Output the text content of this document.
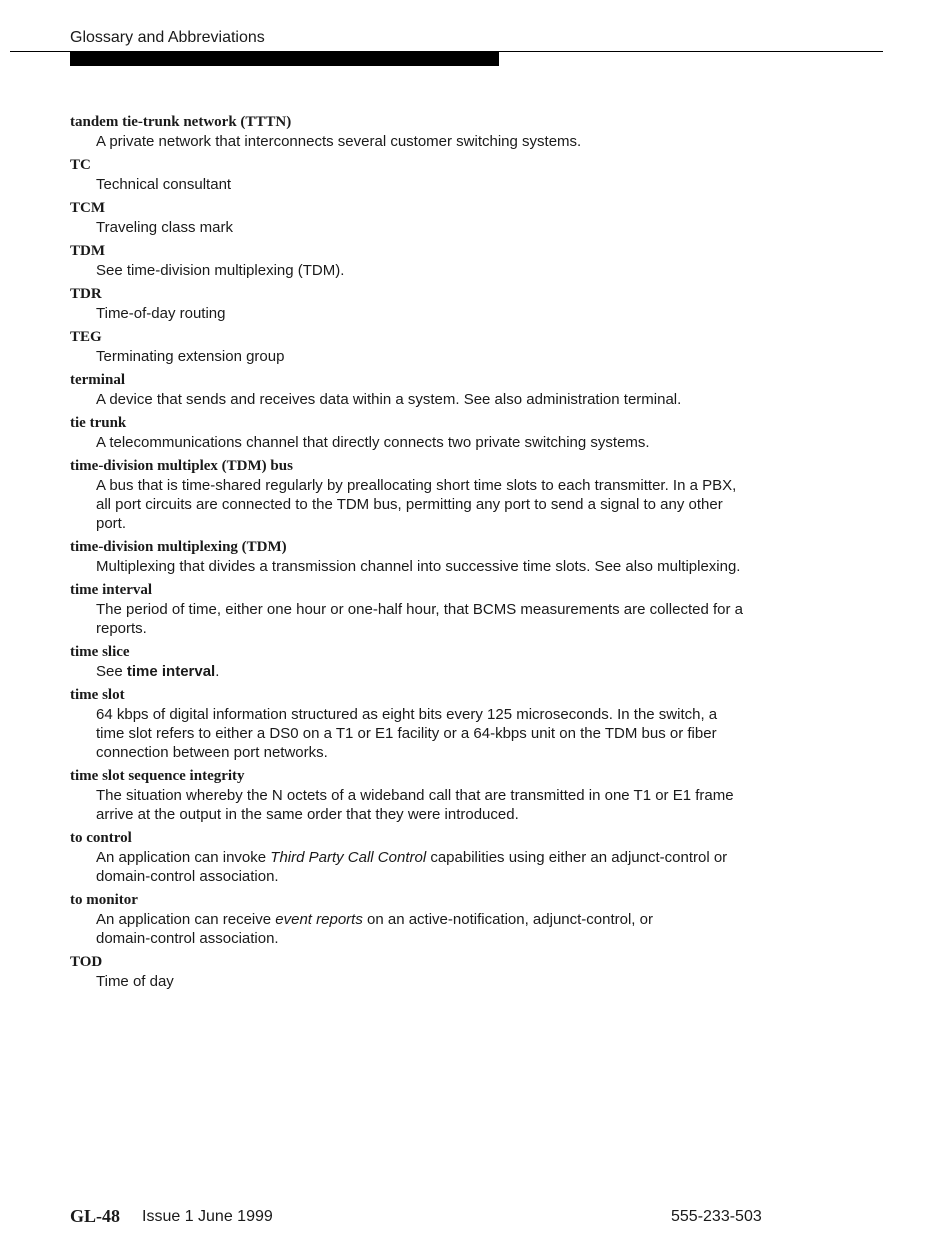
Glossary and Abbreviations
tandem tie-trunk network (TTTN)
A private network that interconnects several customer switching systems.
TC
Technical consultant
TCM
Traveling class mark
TDM
See time-division multiplexing (TDM).
TDR
Time-of-day routing
TEG
Terminating extension group
terminal
A device that sends and receives data within a system. See also administration terminal.
tie trunk
A telecommunications channel that directly connects two private switching systems.
time-division multiplex (TDM) bus
A bus that is time-shared regularly by preallocating short time slots to each transmitter. In a PBX,
all port circuits are connected to the TDM bus, permitting any port to send a signal to any other
port.
time-division multiplexing (TDM)
Multiplexing that divides a transmission channel into successive time slots. See also multiplexing.
time interval
The period of time, either one hour or one-half hour, that BCMS measurements are collected for a
reports.
time slice
See time interval.
time slot
64 kbps of digital information structured as eight bits every 125 microseconds. In the switch, a
time slot refers to either a DS0 on a T1 or E1 facility or a 64-kbps unit on the TDM bus or fiber
connection between port networks.
time slot sequence integrity
The situation whereby the N octets of a wideband call that are transmitted in one T1 or E1 frame
arrive at the output in the same order that they were introduced.
to control
An application can invoke Third Party Call Control capabilities using either an adjunct-control or
domain-control association.
to monitor
An application can receive event reports on an active-notification, adjunct-control, or
domain-control association.
TOD
Time of day
GL-48 Issue 1 June 1999	555-233-503
